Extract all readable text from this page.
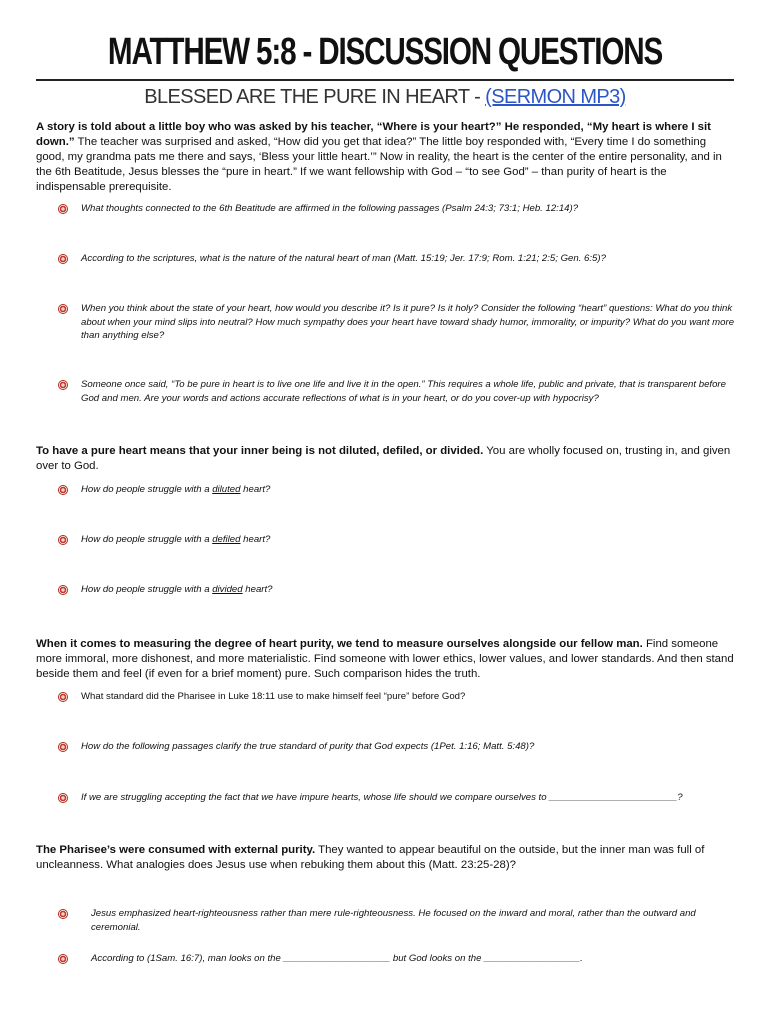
MATTHEW 5:8 - DISCUSSION QUESTIONS
BLESSED ARE THE PURE IN HEART - (SERMON MP3)
A story is told about a little boy who was asked by his teacher, “Where is your heart?” He responded, “My heart is where I sit down.” The teacher was surprised and asked, “How did you get that idea?” The little boy responded with, “Every time I do something good, my grandma pats me there and says, ‘Bless your little heart.’” Now in reality, the heart is the center of the entire personality, and in the 6th Beatitude, Jesus blesses the “pure in heart.” If we want fellowship with God – “to see God” – than purity of heart is the indispensable prerequisite.
What thoughts connected to the 6th Beatitude are affirmed in the following passages (Psalm 24:3; 73:1; Heb. 12:14)?
According to the scriptures, what is the nature of the natural heart of man (Matt. 15:19; Jer. 17:9; Rom. 1:21; 2:5; Gen. 6:5)?
When you think about the state of your heart, how would you describe it? Is it pure? Is it holy? Consider the following “heart” questions: What do you think about when your mind slips into neutral? How much sympathy does your heart have toward shady humor, immorality, or impurity? What do you want more than anything else?
Someone once said, “To be pure in heart is to live one life and live it in the open.” This requires a whole life, public and private, that is transparent before God and men. Are your words and actions accurate reflections of what is in your heart, or do you cover-up with hypocrisy?
To have a pure heart means that your inner being is not diluted, defiled, or divided. You are wholly focused on, trusting in, and given over to God.
How do people struggle with a diluted heart?
How do people struggle with a defiled heart?
How do people struggle with a divided heart?
When it comes to measuring the degree of heart purity, we tend to measure ourselves alongside our fellow man. Find someone more immoral, more dishonest, and more materialistic. Find someone with lower ethics, lower values, and lower standards. And then stand beside them and feel (if even for a brief moment) pure. Such comparison hides the truth.
What standard did the Pharisee in Luke 18:11 use to make himself feel “pure” before God?
How do the following passages clarify the true standard of purity that God expects (1Pet. 1:16; Matt. 5:48)?
If we are struggling accepting the fact that we have impure hearts, whose life should we compare ourselves to ________________________?
The Pharisee’s were consumed with external purity. They wanted to appear beautiful on the outside, but the inner man was full of uncleanness. What analogies does Jesus use when rebuking them about this (Matt. 23:25-28)?
Jesus emphasized heart-righteousness rather than mere rule-righteousness. He focused on the inward and moral, rather than the outward and ceremonial.
According to (1Sam. 16:7), man looks on the ____________________ but God looks on the __________________.
